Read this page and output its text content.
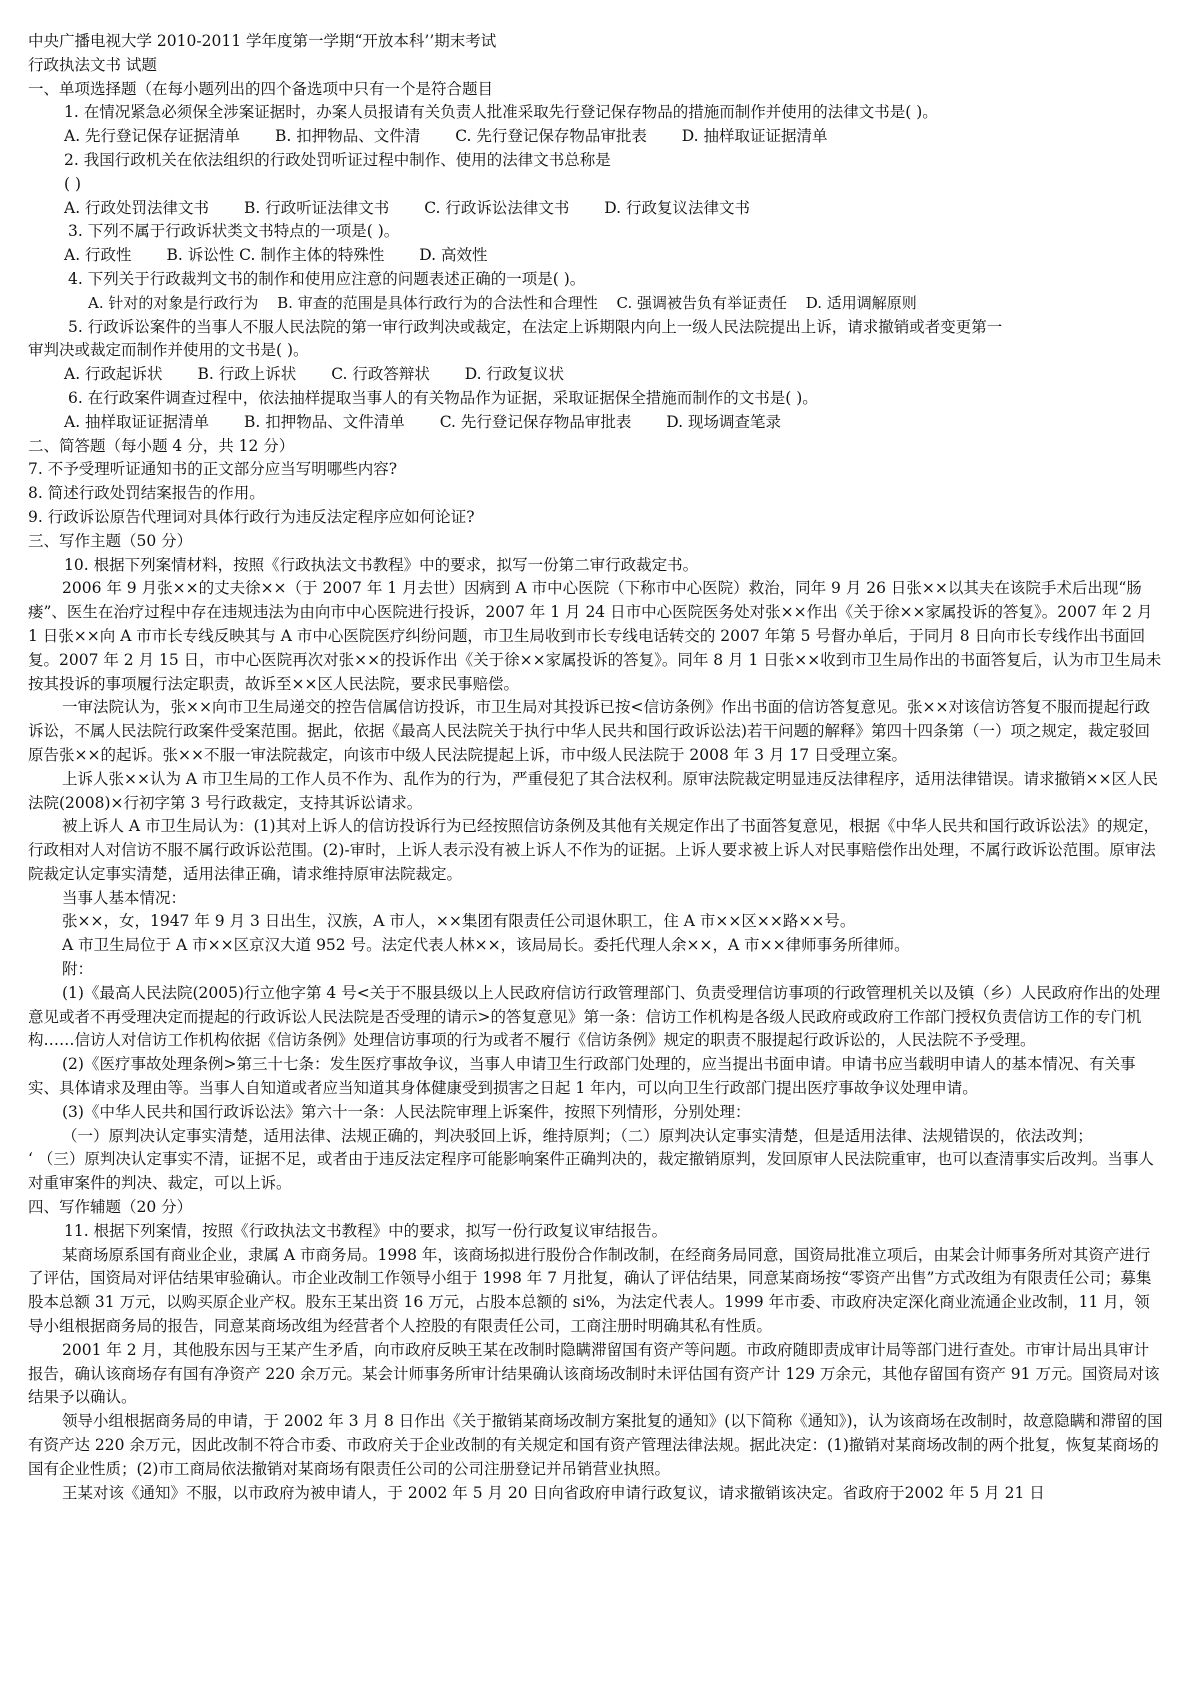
中央广播电视大学 2010-2011 学年度第一学期“开放本科’’期末考试
行政执法文书 试题
一、单项选择题（在每小题列出的四个备选项中只有一个是符合题目
1. 在情况紧急必须保全涉案证据时，办案人员报请有关负责人批准采取先行登记保存物品的措施而制作并使用的法律文书是( )。
A. 先行登记保存证据清单 B. 扣押物品、文件清 C. 先行登记保存物品审批表 D. 抽样取证证据清单
2. 我国行政机关在依法组织的行政处罚听证过程中制作、使用的法律文书总称是
( )
A. 行政处罚法律文书 B. 行政听证法律文书 C. 行政诉讼法律文书 D. 行政复议法律文书
3. 下列不属于行政诉状类文书特点的一项是( )。
A. 行政性 B. 诉讼性 C. 制作主体的特殊性 D. 高效性
4. 下列关于行政裁判文书的制作和使用应注意的问题表述正确的一项是( )。
A. 针对的对象是行政行为 B. 审查的范围是具体行政行为的合法性和合理性 C. 强调被告负有举证责任 D. 适用调解原则
5. 行政诉讼案件的当事人不服人民法院的第一审行政判决或裁定，在法定上诉期限内向上一级人民法院提出上诉，请求撤销或者变更第一
审判决或裁定而制作并使用的文书是( )。
A. 行政起诉状 B. 行政上诉状 C. 行政答辩状 D. 行政复议状
6. 在行政案件调查过程中，依法抽样提取当事人的有关物品作为证据，采取证据保全措施而制作的文书是( )。
A. 抽样取证证据清单 B. 扣押物品、文件清单 C. 先行登记保存物品审批表 D. 现场调查笔录
二、简答题（每小题 4 分，共 12 分）
7. 不予受理听证通知书的正文部分应当写明哪些内容?
8. 简述行政处罚结案报告的作用。
9. 行政诉讼原告代理词对具体行政行为违反法定程序应如何论证?
三、写作主题（50 分）
10. 根据下列案情材料，按照《行政执法文书教程》中的要求，拟写一份第二审行政裁定书。
2006 年 9 月张××的丈夫徐××（于 2007 年 1 月去世）因病到 A 市中心医院（下称市中心医院）救治，同年 9 月 26 日张××以其夫在该院手术后出现“肠瘘”、医生在治疗过程中存在违规违法为由向市中心医院进行投诉，2007 年 1 月 24 日市中心医院医务处对张××作出《关于徐××家属投诉的答复》。2007 年 2 月 1 日张××向 A 市市长专线反映其与 A 市中心医院医疗纠纷问题，市卫生局收到市长专线电话转交的 2007 年第 5 号督办单后，于同月 8 日向市长专线作出书面回复。2007 年 2 月 15 日，市中心医院再次对张××的投诉作出《关于徐××家属投诉的答复》。同年 8 月 1 日张××收到市卫生局作出的书面答复后，认为市卫生局未按其投诉的事项履行法定职责，故诉至××区人民法院，要求民事赔偿。
一审法院认为，张××向市卫生局递交的控告信属信访投诉，市卫生局对其投诉已按<信访条例》作出书面的信访答复意见。张××对该信访答复不服而提起行政诉讼，不属人民法院行政案件受案范围。据此，依据《最高人民法院关于执行中华人民共和国行政诉讼法)若干问题的解释》第四十四条第（一）项之规定，裁定驳回原告张××的起诉。张××不服一审法院裁定，向该市中级人民法院提起上诉，市中级人民法院于 2008 年 3 月 17 日受理立案。
上诉人张××认为 A 市卫生局的工作人员不作为、乱作为的行为，严重侵犯了其合法权利。原审法院裁定明显违反法律程序，适用法律错误。请求撤销××区人民法院(2008)×行初字第 3 号行政裁定，支持其诉讼请求。
被上诉人 A 市卫生局认为：(1)其对上诉人的信访投诉行为已经按照信访条例及其他有关规定作出了书面答复意见，根据《中华人民共和国行政诉讼法》的规定，行政相对人对信访不服不属行政诉讼范围。(2)-审时，上诉人表示没有被上诉人不作为的证据。上诉人要求被上诉人对民事赔偿作出处理，不属行政诉讼范围。原审法院裁定认定事实清楚，适用法律正确，请求维持原审法院裁定。
当事人基本情况：
张××，女，1947 年 9 月 3 日出生，汉族，A 市人，××集团有限责任公司退休职工，住 A 市××区××路××号。
A 市卫生局位于 A 市××区京汉大道 952 号。法定代表人林××，该局局长。委托代理人余××，A 市××律师事务所律师。
附：
(1)《最高人民法院(2005)行立他字第 4 号<关于不服县级以上人民政府信访行政管理部门、负责受理信访事项的行政管理机关以及镇（乡）人民政府作出的处理意见或者不再受理决定而提起的行政诉讼人民法院是否受理的请示>的答复意见》第一条：信访工作机构是各级人民政府或政府工作部门授权负责信访工作的专门机构……信访人对信访工作机构依据《信访条例》处理信访事项的行为或者不履行《信访条例》规定的职责不服提起行政诉讼的，人民法院不予受理。
(2)《医疗事故处理条例>第三十七条：发生医疗事故争议，当事人申请卫生行政部门处理的，应当提出书面申请。申请书应当载明申请人的基本情况、有关事实、具体请求及理由等。当事人自知道或者应当知道其身体健康受到损害之日起 1 年内，可以向卫生行政部门提出医疗事故争议处理申请。
(3)《中华人民共和国行政诉讼法》第六十一条：人民法院审理上诉案件，按照下列情形，分别处理：
（一）原判决认定事实清楚，适用法律、法规正确的，判决驳回上诉，维持原判；（二）原判决认定事实清楚，但是适用法律、法规错误的，依法改判；
‘ （三）原判决认定事实不清，证据不足，或者由于违反法定程序可能影响案件正确判决的，裁定撤销原判，发回原审人民法院重审，也可以查清事实后改判。当事人对重审案件的判决、裁定，可以上诉。
四、写作辅题（20 分）
11. 根据下列案情，按照《行政执法文书教程》中的要求，拟写一份行政复议审结报告。
某商场原系国有商业企业，隶属 A 市商务局。1998 年，该商场拟进行股份合作制改制，在经商务局同意，国资局批准立项后，由某会计师事务所对其资产进行了评估，国资局对评估结果审验确认。市企业改制工作领导小组于 1998 年 7 月批复，确认了评估结果，同意某商场按“零资产出售”方式改组为有限责任公司；募集股本总额 31 万元，以购买原企业产权。股东王某出资 16 万元，占股本总额的 si%，为法定代表人。1999 年市委、市政府决定深化商业流通企业改制，11 月，领导小组根据商务局的报告，同意某商场改组为经营者个人控股的有限责任公司，工商注册时明确其私有性质。
2001 年 2 月，其他股东因与王某产生矛盾，向市政府反映王某在改制时隐瞒滞留国有资产等问题。市政府随即责成审计局等部门进行查处。市审计局出具审计报告，确认该商场存有国有净资产 220 余万元。某会计师事务所审计结果确认该商场改制时未评估国有资产计 129 万余元，其他存留国有资产 91 万元。国资局对该结果予以确认。
领导小组根据商务局的申请，于 2002 年 3 月 8 日作出《关于撤销某商场改制方案批复的通知》(以下简称《通知》)，认为该商场在改制时，故意隐瞒和滞留的国有资产达 220 余万元，因此改制不符合市委、市政府关于企业改制的有关规定和国有资产管理法律法规。据此决定：(1)撤销对某商场改制的两个批复，恢复某商场的国有企业性质；(2)市工商局依法撤销对某商场有限责任公司的公司注册登记并吊销营业执照。
王某对该《通知》不服，以市政府为被申请人，于 2002 年 5 月 20 日向省政府申请行政复议，请求撤销该决定。省政府于2002 年 5 月 21 日
